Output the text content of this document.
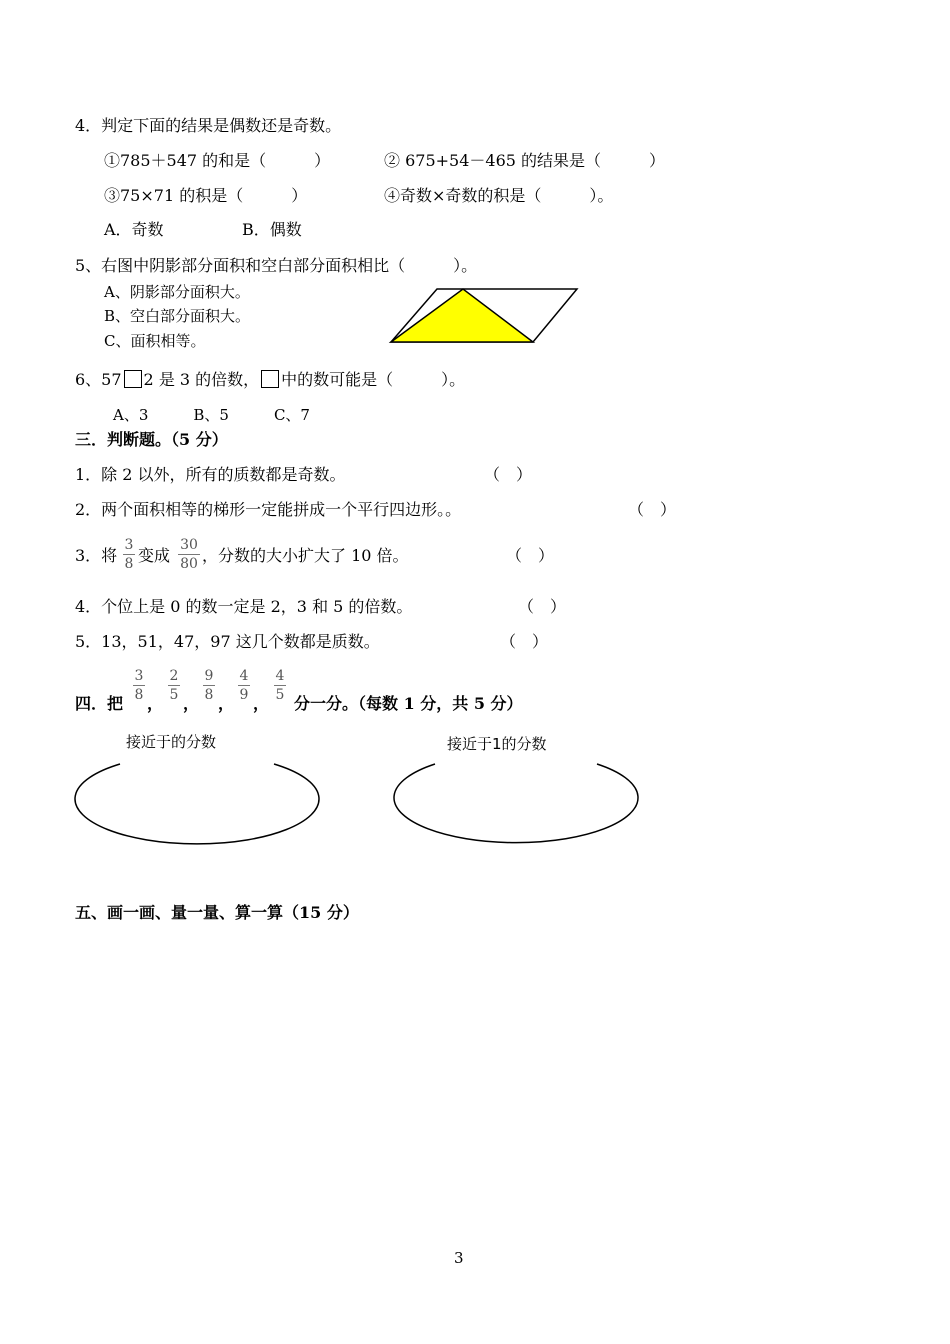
4．判定下面的结果是偶数还是奇数。
①785＋547 的和是（　　　）	② 675+54－465 的结果是（　　　）
③75×71 的积是（　　　）	④奇数×奇数的积是（　　　）。
A．奇数	B．偶数
5、右图中阴影部分面积和空白部分面积相比（　　　）。
A、阴影部分面积大。
B、空白部分面积大。
C、面积相等。
6、57 2 是 3 的倍数， 中的数可能是（　　　）。
A、3　　　B、5　　　C、7
三．判断题。（5 分）
1．除 2 以外，所有的质数都是奇数。	（　）
2．两个面积相等的梯形一定能拼成一个平行四边形。。	（　）
3．将
3
8 变成
30
80 ，分数的大小扩大了 10 倍。	（　）
4．个位上是 0 的数一定是 2，3 和 5 的倍数。	（　）
5．13，51，47，97 这几个数都是质数。	（　）
四．把
3
8 ，
2
5 ，
9
8 ，
4
9 ，
4
5 分一分。（每数 1 分，共 5 分）
接近于的分数	接近于1的分数
五、画一画、量一量、算一算（15 分）
3
